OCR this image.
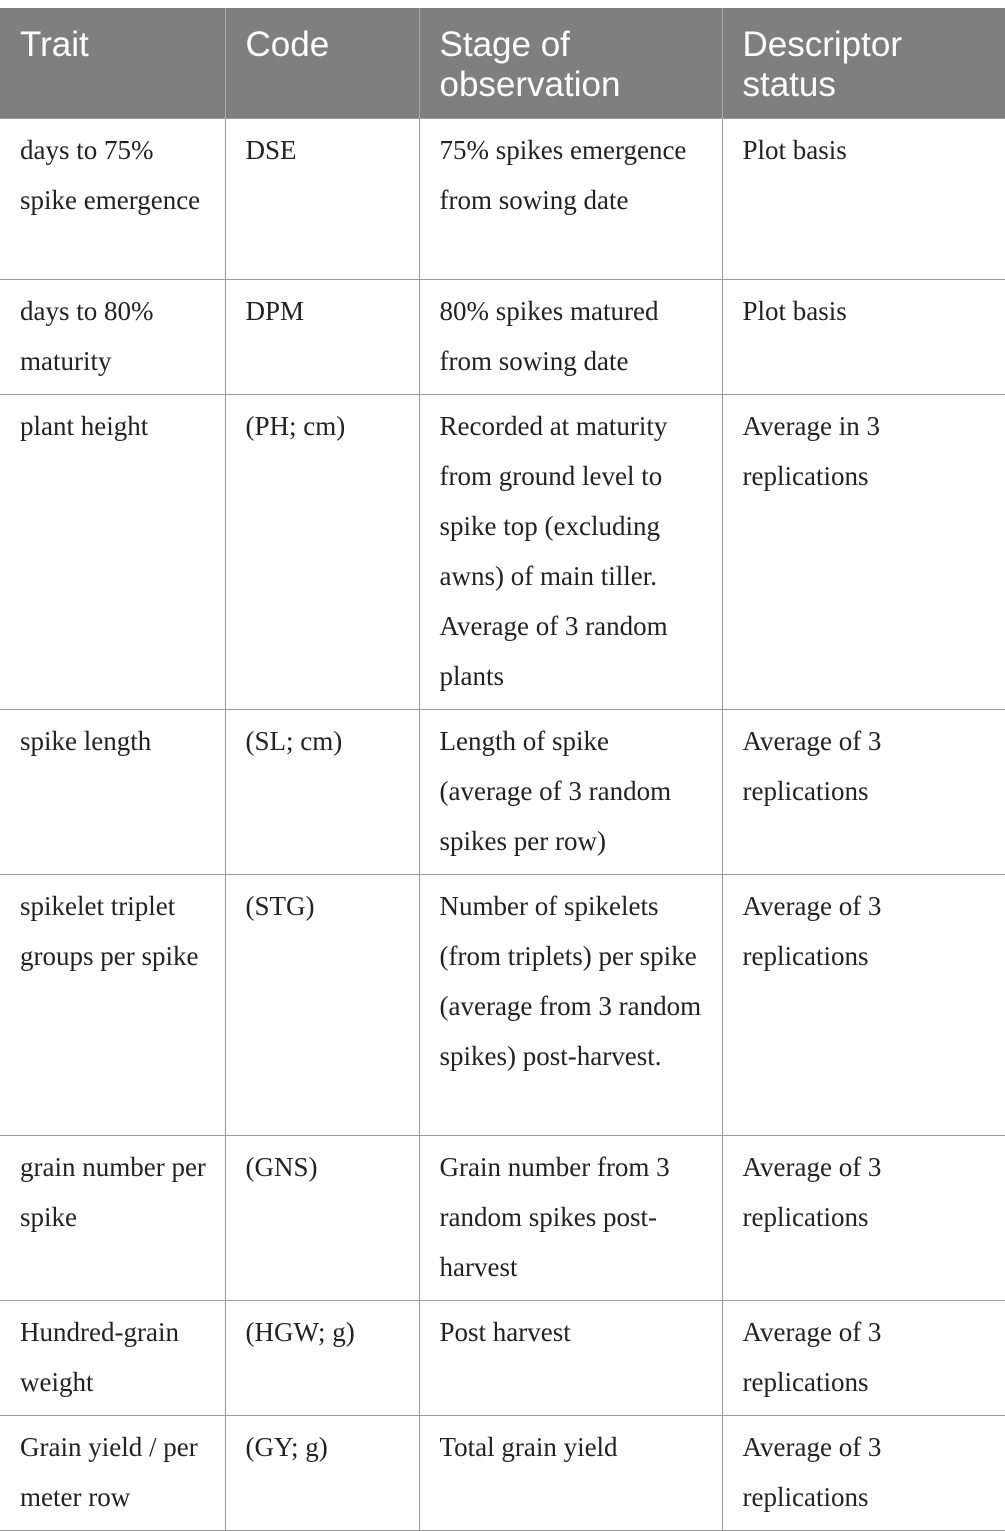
Trait	Code	Stage of observation	Descriptor status
days to 75% spike emergence	DSE	75% spikes emergence from sowing date	Plot basis
days to 80% maturity	DPM	80% spikes matured from sowing date	Plot basis
plant height	(PH; cm)	Recorded at maturity from ground level to spike top (excluding awns) of main tiller. Average of 3 random plants	Average in 3 replications
spike length	(SL; cm)	Length of spike (average of 3 random spikes per row)	Average of 3 replications
spikelet triplet groups per spike	(STG)	Number of spikelets (from triplets) per spike (average from 3 random spikes) post-harvest.	Average of 3 replications
grain number per spike	(GNS)	Grain number from 3 random spikes post-harvest	Average of 3 replications
Hundred-grain weight	(HGW; g)	Post harvest	Average of 3 replications
Grain yield / per meter row	(GY; g)	Total grain yield	Average of 3 replications
